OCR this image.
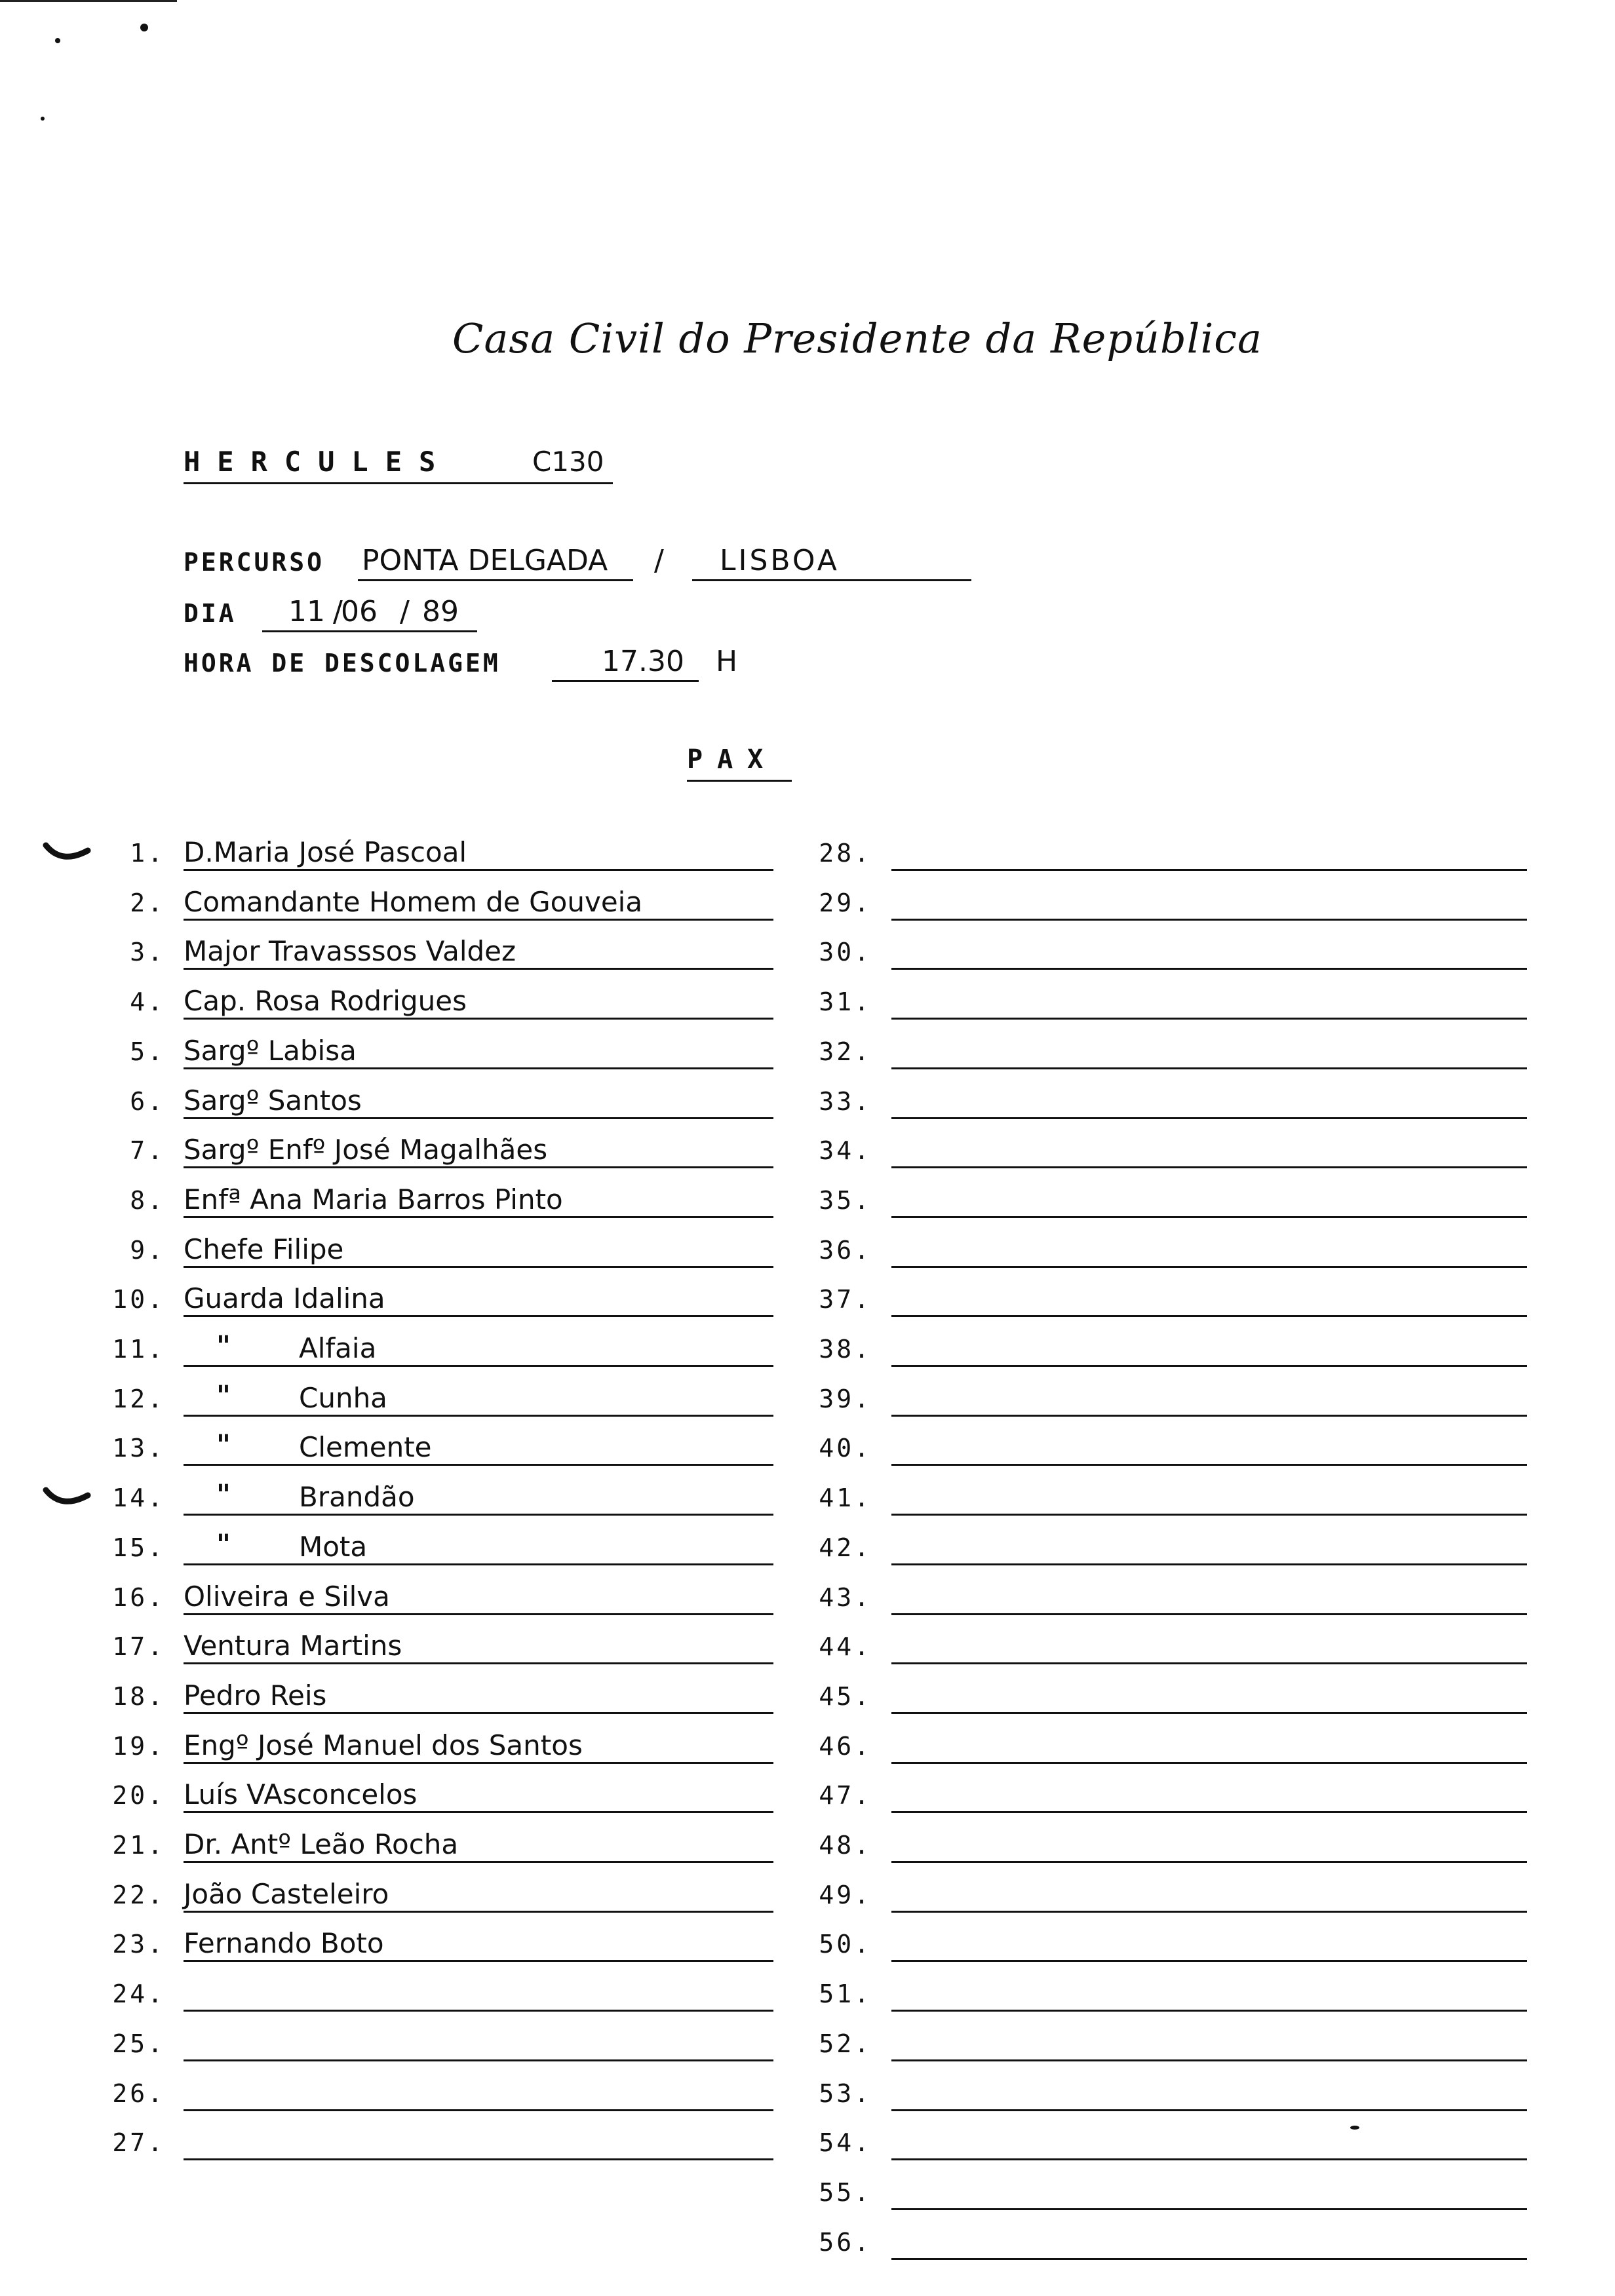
Casa Civil do Presidente da República
HERCULES	C130
PERCURSO PONTA DELGADA / LISBOA
DIA 11 /
06 / 89
HORA DE DESCOLAGEM	17.30 H
PAX
1. D.Maria José Pascoal
2. Comandante Homem de Gouveia
3. Major Travasssos Valdez
4. Cap. Rosa Rodrigues
5. Sargº Labisa
6. Sargº Santos
7. Sargº Enfº José Magalhães
8. Enfª Ana Maria Barros Pinto
9. Chefe Filipe
10. Guarda Idalina
11. " Alfaia
12. " Cunha
13. " Clemente
14. " Brandão
15. " Mota
16. Oliveira e Silva
17. Ventura Martins
18. Pedro Reis
19. Engº José Manuel dos Santos
20. Luís VAsconcelos
21. Dr. Antº Leão Rocha
22. João Casteleiro
23. Fernando Boto
24.
25.
26.
27.
28.
29.
30.
31.
32.
33.
34.
35.
36.
37.
38.
39.
40.
41.
42.
43.
44.
45.
46.
47.
48.
49.
50.
51.
52.
53.
54.
55.
56.
